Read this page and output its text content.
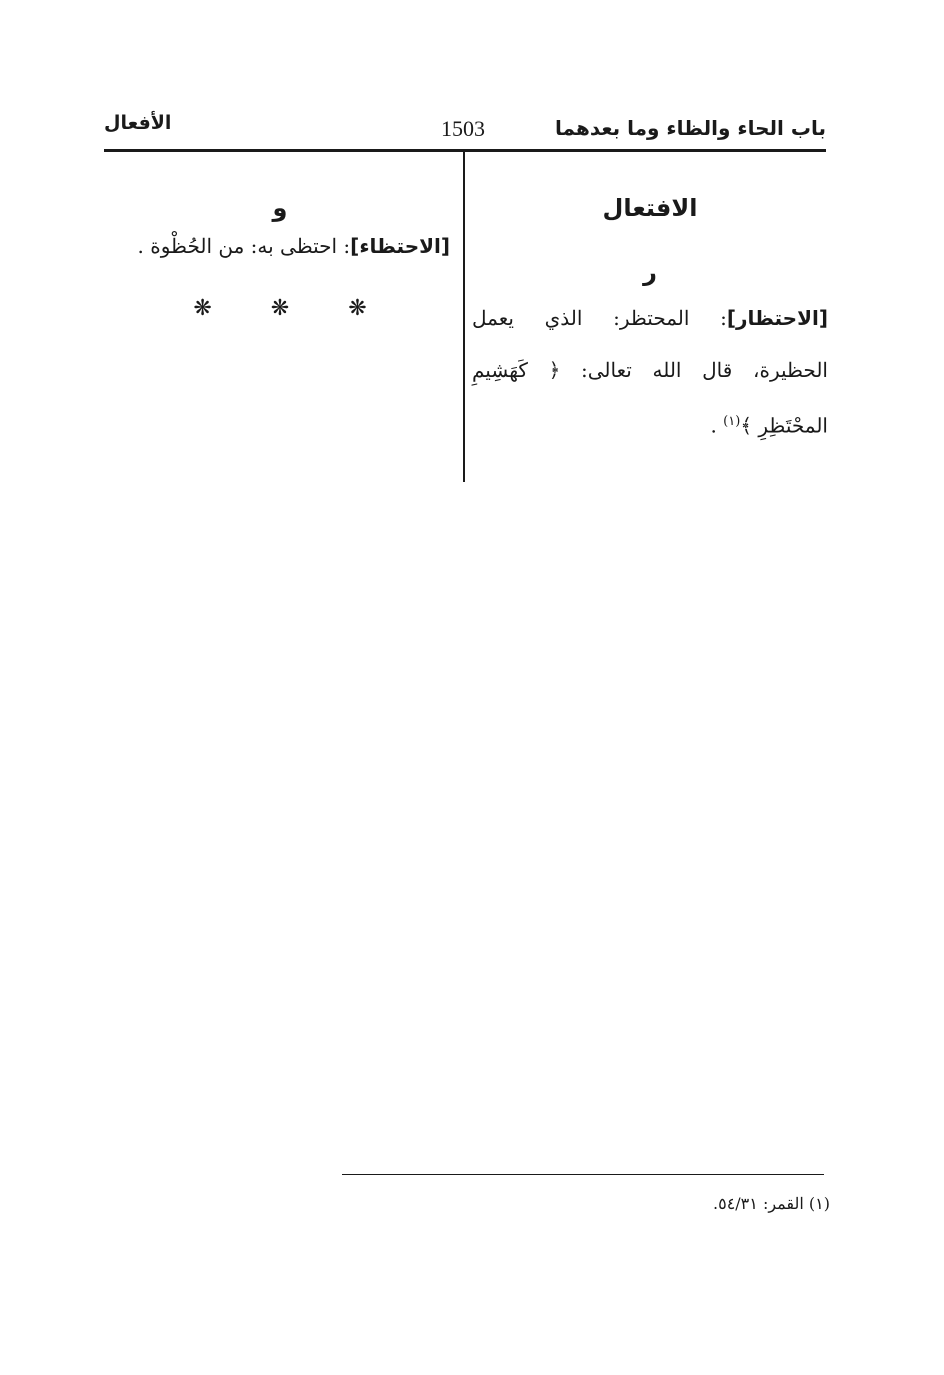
باب الحاء والظاء وما بعدهما
1503
الأفعال
الافتعال
ر
[الاحتظار]: المحتظر: الذي يعمل الحظيرة، قال الله تعالى: ﴿ كَهَشِيمِ المحْتَظِرِ ﴾$^{(١)}$ .
و
[الاحتظاء]: احتظى به: من الحُظْوة .
❋ ❋ ❋
(١) القمر: ٥٤/٣١.
